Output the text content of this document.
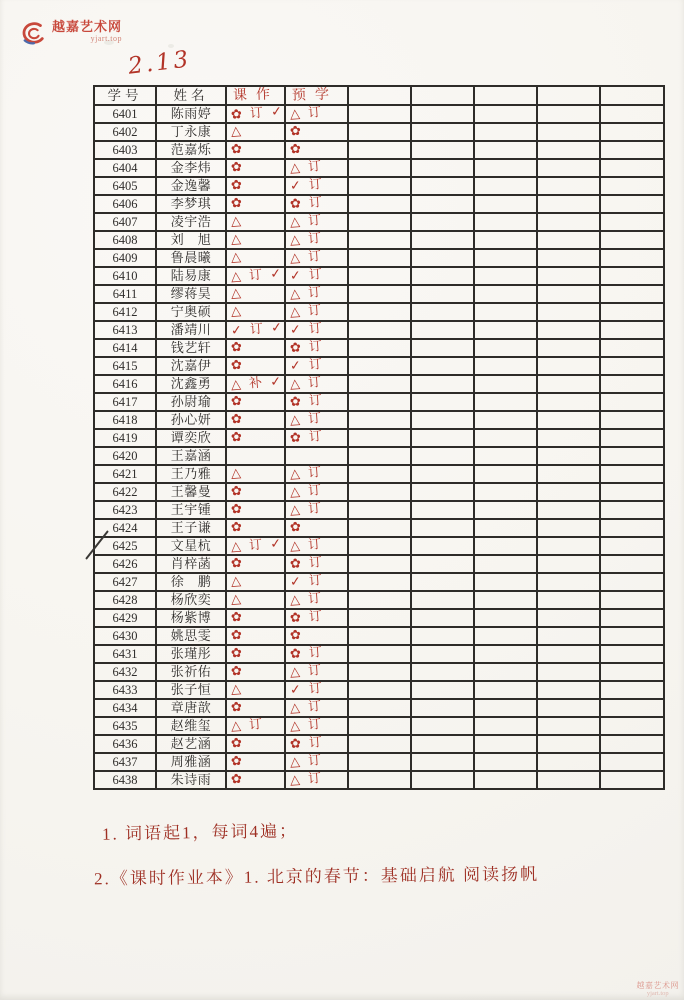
越嘉艺术网
yjart.top
2.13
学号	姓名	课作	预学					
6401	陈雨婷	✿ 订 ✓	△ 订					
6402	丁永康	△	✿					
6403	范嘉烁	✿	✿					
6404	金李炜	✿	△ 订					
6405	金逸馨	✿	✓ 订					
6406	李梦琪	✿	✿ 订					
6407	凌宇浩	△	△ 订					
6408	刘　旭	△	△ 订					
6409	鲁晨曦	△	△ 订					
6410	陆易康	△ 订 ✓	✓ 订					
6411	缪蒋昊	△	△ 订					
6412	宁奥硕	△	△ 订					
6413	潘靖川	✓ 订 ✓	✓ 订					
6414	钱艺轩	✿	✿ 订					
6415	沈嘉伊	✿	✓ 订					
6416	沈鑫勇	△ 补 ✓	△ 订					
6417	孙尉瑜	✿	✿ 订					
6418	孙心妍	✿	△ 订					
6419	谭奕欣	✿	✿ 订					
6420	王嘉涵							
6421	王乃雅	△	△ 订					
6422	王馨曼	✿	△ 订					
6423	王宇锺	✿	△ 订					
6424	王子谦	✿	✿					
6425	文星杭	△ 订 ✓	△ 订					
6426	肖梓菡	✿	✿ 订					
6427	徐　鹏	△	✓ 订					
6428	杨欣奕	△	△ 订					
6429	杨紫博	✿	✿ 订					
6430	姚思雯	✿	✿					
6431	张瑾彤	✿	✿ 订					
6432	张祈佑	✿	△ 订					
6433	张子恒	△	✓ 订					
6434	章唐歆	✿	△ 订					
6435	赵维玺	△ 订	△ 订					
6436	赵艺涵	✿	✿ 订					
6437	周雅涵	✿	△ 订					
6438	朱诗雨	✿	△ 订					
1. 词语起1，每词4遍；
2.《课时作业本》1. 北京的春节：基础启航 阅读扬帆
越嘉艺术网
yjart.top
